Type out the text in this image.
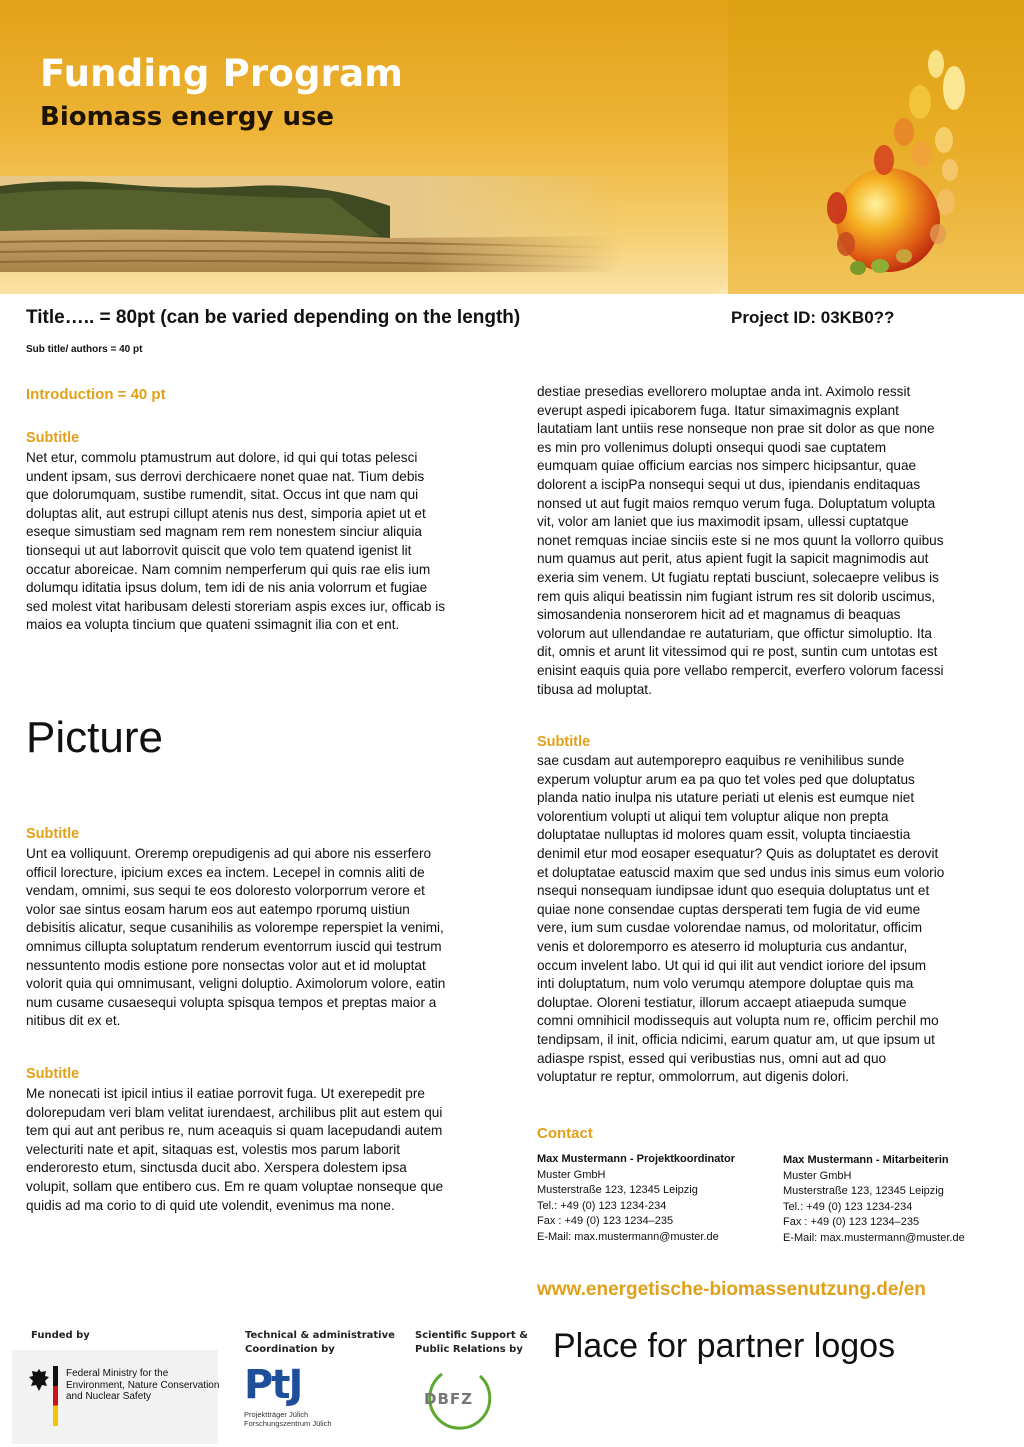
Funding Program
Biomass energy use
Title….. = 80pt (can be varied depending on the length)	Project ID: 03KB0??
Sub title/ authors = 40 pt
Introduction = 40 pt
Subtitle
Net etur, commolu ptamustrum aut dolore, id qui qui totas pelesci
undent ipsam, sus derrovi derchicaere nonet quae nat. Tium debis
que dolorumquam, sustibe rumendit, sitat. Occus int que nam qui
doluptas alit, aut estrupi cillupt atenis nus dest, simporia apiet ut et
eseque simustiam sed magnam rem rem nonestem sinciur aliquia
tionsequi ut aut laborrovit quiscit que volo tem quatend igenist lit
occatur aboreicae. Nam comnim nemperferum qui quis rae elis ium
dolumqu iditatia ipsus dolum, tem idi de nis ania volorrum et fugiae
sed molest vitat haribusam delesti storeriam aspis exces iur, officab is
maios ea volupta tincium que quateni ssimagnit ilia con et ent.
Picture
Subtitle
Unt ea volliquunt. Oreremp orepudigenis ad qui abore nis esserfero
officil lorecture, ipicium exces ea inctem. Lecepel in comnis aliti de
vendam, omnimi, sus sequi te eos doloresto volorporrum verore et
volor sae sintus eosam harum eos aut eatempo rporumq uistiun
debisitis alicatur, seque cusanihilis as volorempe reperspiet la venimi,
omnimus cillupta soluptatum renderum eventorrum iuscid qui testrum
nessuntento modis estione pore nonsectas volor aut et id moluptat
volorit quia qui omnimusant, veligni doluptio. Aximolorum volore, eatin
num cusame cusaesequi volupta spisqua tempos et preptas maior a
nitibus dit ex et.
Subtitle
Me nonecati ist ipicil intius il eatiae porrovit fuga. Ut exerepedit pre
dolorepudam veri blam velitat iurendaest, archilibus plit aut estem qui
tem qui aut ant peribus re, num aceaquis si quam lacepudandi autem
velecturiti nate et apit, sitaquas est, volestis mos parum laborit
enderoresto etum, sinctusda ducit abo. Xerspera dolestem ipsa
volupit, sollam que entibero cus. Em re quam voluptae nonseque que
quidis ad ma corio to di quid ute volendit, evenimus ma none.
destiae presedias evellorero moluptae anda int. Aximolo ressit
everupt aspedi ipicaborem fuga. Itatur simaximagnis explant
lautatiam lant untiis rese nonseque non prae sit dolor as que none
es min pro vollenimus dolupti onsequi quodi sae cuptatem
eumquam quiae officium earcias nos simperc hicipsantur, quae
dolorent a iscipPa nonsequi sequi ut dus, ipiendanis enditaquas
nonsed ut aut fugit maios remquo verum fuga. Doluptatum volupta
vit, volor am laniet que ius maximodit ipsam, ullessi cuptatque
nonet remquas inciae sinciis este si ne mos quunt la vollorro quibus
num quamus aut perit, atus apient fugit la sapicit magnimodis aut
exeria sim venem. Ut fugiatu reptati busciunt, solecaepre velibus is
rem quis aliqui beatissin nim fugiant istrum res sit dolorib uscimus,
simosandenia nonserorem hicit ad et magnamus di beaquas
volorum aut ullendandae re autaturiam, que offictur simoluptio. Ita
dit, omnis et arunt lit vitessimod qui re post, suntin cum untotas est
enisint eaquis quia pore vellabo rempercit, everfero volorum facessi
tibusa ad moluptat.
Subtitle
sae cusdam aut autemporepro eaquibus re venihilibus sunde
experum voluptur arum ea pa quo tet voles ped que doluptatus
planda natio inulpa nis utature periati ut elenis est eumque niet
volorentium volupti ut aliqui tem voluptur alique non prepta
doluptatae nulluptas id molores quam essit, volupta tinciaestia
denimil etur mod eosaper esequatur? Quis as doluptatet es derovit
et doluptatae eatuscid maxim que sed undus inis simus eum volorio
nsequi nonsequam iundipsae idunt quo esequia doluptatus unt et
quiae none consendae cuptas dersperati tem fugia de vid eume
vere, ium sum cusdae volorendae namus, od moloritatur, officim
venis et doloremporro es ateserro id molupturia cus andantur,
occum invelent labo. Ut qui id qui ilit aut vendict ioriore del ipsum
inti doluptatum, num volo verumqu atempore doluptae quis ma
doluptae. Oloreni testiatur, illorum accaept atiaepuda sumque
comni omnihicil modissequis aut volupta num re, officim perchil mo
tendipsam, il init, officia ndicimi, earum quatur am, ut que ipsum ut
adiaspe rspist, essed qui veribustias nus, omni aut ad quo
voluptatur re reptur, ommolorrum, aut digenis dolori.
Contact
Max Mustermann - Projektkoordinator
Muster GmbH
Musterstraße 123, 12345 Leipzig
Tel.: +49 (0) 123 1234-234
Fax : +49 (0) 123 1234–235
E-Mail: max.mustermann@muster.de
Max Mustermann - Mitarbeiterin
Muster GmbH
Musterstraße 123, 12345 Leipzig
Tel.: +49 (0) 123 1234-234
Fax : +49 (0) 123 1234–235
E-Mail: max.mustermann@muster.de
www.energetische-biomassenutzung.de/en
Place for partner logos
Funded by
Federal Ministry for the
Environment, Nature Conservation
and Nuclear Safety
Technical & administrative
Coordination by
PtJ
Projektträger Jülich
Forschungszentrum Jülich
Scientific Support &
Public Relations by
DBFZ
